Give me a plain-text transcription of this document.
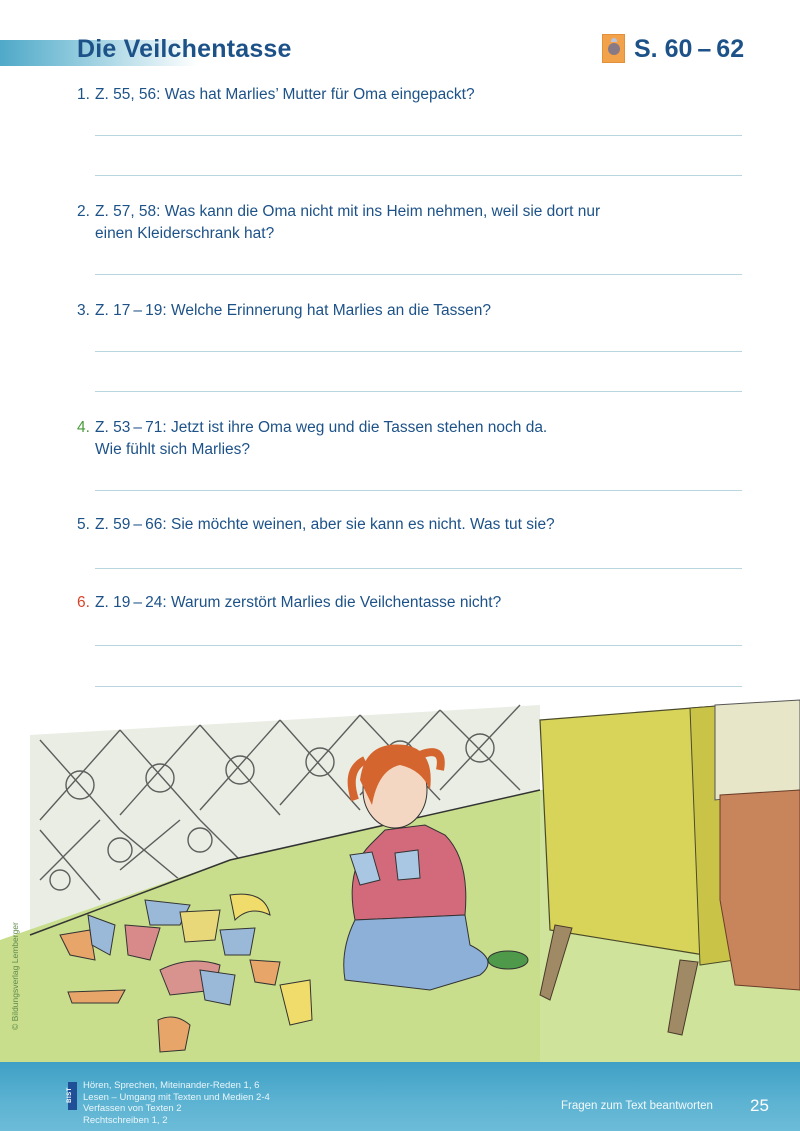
Die Veilchentasse	S. 60 – 62
1. Z. 55, 56: Was hat Marlies’ Mutter für Oma eingepackt?
2. Z. 57, 58: Was kann die Oma nicht mit ins Heim nehmen, weil sie dort nur
einen Kleiderschrank hat?
3. Z. 17 – 19: Welche Erinnerung hat Marlies an die Tassen?
4. Z. 53 – 71: Jetzt ist ihre Oma weg und die Tassen stehen noch da.
Wie fühlt sich Marlies?
5. Z. 59 – 66: Sie möchte weinen, aber sie kann es nicht. Was tut sie?
6. Z. 19 – 24: Warum zerstört Marlies die Veilchentasse nicht?
© Bildungsverlag Lemberger
BIST
Hören, Sprechen, Miteinander-Reden 1, 6
Lesen – Umgang mit Texten und Medien 2-4
Verfassen von Texten 2
Rechtschreiben 1, 2
Fragen zum Text beantworten 25
